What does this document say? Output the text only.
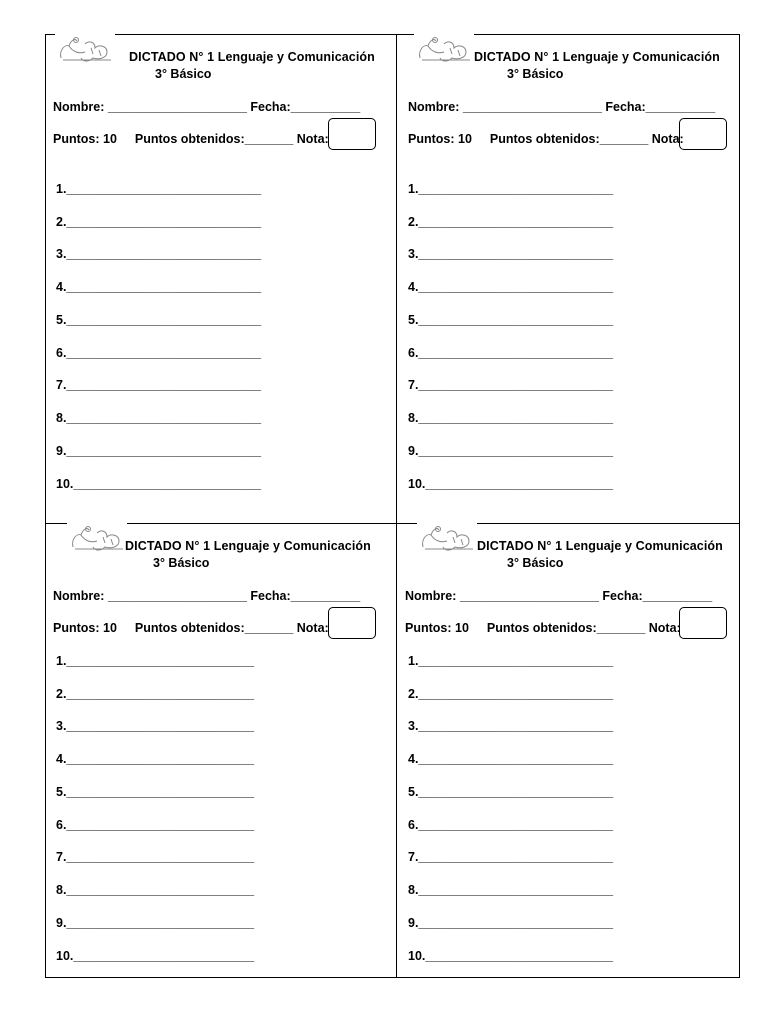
DICTADO N° 1 Lenguaje y Comunicación
3° Básico
Nombre: ____________________ Fecha:__________
Puntos: 10 Puntos obtenidos:_______ Nota:
1.____________________________
2.____________________________
3.____________________________
4.____________________________
5.____________________________
6.____________________________
7.____________________________
8.____________________________
9.____________________________
10.___________________________
DICTADO N° 1 Lenguaje y Comunicación
3° Básico
Nombre: ____________________ Fecha:__________
Puntos: 10 Puntos obtenidos:_______ Nota:
1.____________________________
2.____________________________
3.____________________________
4.____________________________
5.____________________________
6.____________________________
7.____________________________
8.____________________________
9.____________________________
10.___________________________
DICTADO N° 1 Lenguaje y Comunicación
3° Básico
Nombre: ____________________ Fecha:__________
Puntos: 10 Puntos obtenidos:_______ Nota:
1.___________________________
2.___________________________
3.___________________________
4.___________________________
5.___________________________
6.___________________________
7.___________________________
8.___________________________
9.___________________________
10.__________________________
DICTADO N° 1 Lenguaje y Comunicación
3° Básico
Nombre: ____________________ Fecha:__________
Puntos: 10 Puntos obtenidos:_______ Nota:
1.____________________________
2.____________________________
3.____________________________
4.____________________________
5.____________________________
6.____________________________
7.____________________________
8.____________________________
9.____________________________
10.___________________________
